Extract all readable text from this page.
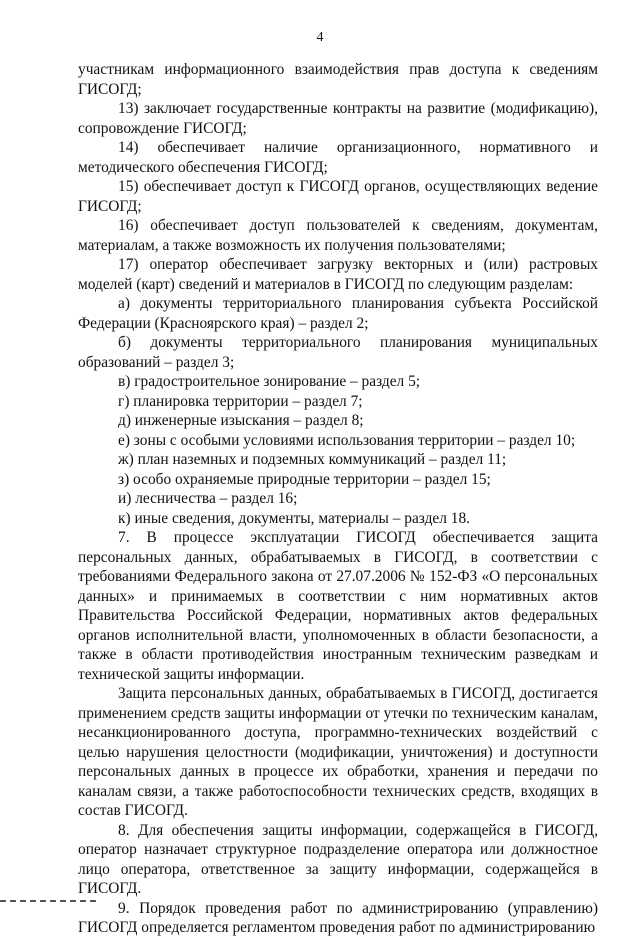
4

участникам информационного взаимодействия прав доступа к сведениям ГИСОГД;

13) заключает государственные контракты на развитие (модификацию), сопровождение ГИСОГД;

14) обеспечивает наличие организационного, нормативного и методического обеспечения ГИСОГД;

15) обеспечивает доступ к ГИСОГД органов, осуществляющих ведение ГИСОГД;

16) обеспечивает доступ пользователей к сведениям, документам, материалам, а также возможность их получения пользователями;

17) оператор обеспечивает загрузку векторных и (или) растровых моделей (карт) сведений и материалов в ГИСОГД по следующим разделам:

а) документы территориального планирования субъекта Российской Федерации (Красноярского края) – раздел 2;

б) документы территориального планирования муниципальных образований – раздел 3;

в) градостроительное зонирование – раздел 5;

г) планировка территории – раздел 7;

д) инженерные изыскания – раздел 8;

е) зоны с особыми условиями использования территории – раздел 10;

ж) план наземных и подземных коммуникаций – раздел 11;

з) особо охраняемые природные территории – раздел 15;

и) лесничества – раздел 16;

к) иные сведения, документы, материалы – раздел 18.

7. В процессе эксплуатации ГИСОГД обеспечивается защита персональных данных, обрабатываемых в ГИСОГД, в соответствии с требованиями Федерального закона от 27.07.2006 № 152-ФЗ «О персональных данных» и принимаемых в соответствии с ним нормативных актов Правительства Российской Федерации, нормативных актов федеральных органов исполнительной власти, уполномоченных в области безопасности, а также в области противодействия иностранным техническим разведкам и технической защиты информации.

Защита персональных данных, обрабатываемых в ГИСОГД, достигается применением средств защиты информации от утечки по техническим каналам, несанкционированного доступа, программно-технических воздействий с целью нарушения целостности (модификации, уничтожения) и доступности персональных данных в процессе их обработки, хранения и передачи по каналам связи, а также работоспособности технических средств, входящих в состав ГИСОГД.

8. Для обеспечения защиты информации, содержащейся в ГИСОГД, оператор назначает структурное подразделение оператора или должностное лицо оператора, ответственное за защиту информации, содержащейся в ГИСОГД.

9. Порядок проведения работ по администрированию (управлению) ГИСОГД определяется регламентом проведения работ по администрированию
